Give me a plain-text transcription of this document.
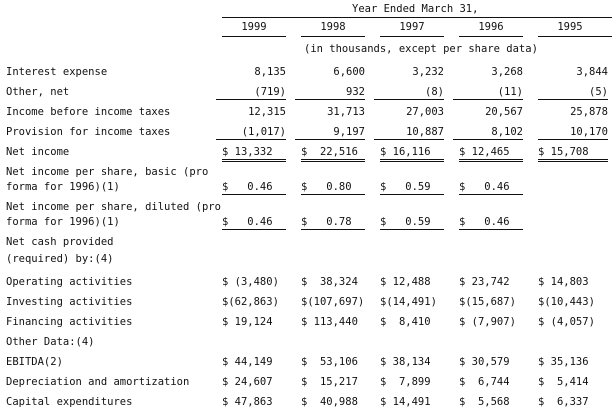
Year Ended March 31,
1999	1998	1997	1996	1995
(in thousands, except per share data)
Interest expense	8,135	6,600	3,232	3,268	3,844
Other, net	(719)	932	(8)	(11)	(5)
Income before income taxes	12,315	31,713	27,003	20,567	25,878
Provision for income taxes	(1,017)	9,197	10,887	8,102	10,170
Net income	$ 13,332	$  22,516	$ 16,116	$ 12,465	$ 15,708
Net income per share, basic (pro
forma for 1996)(1)	$   0.46	$   0.80	$   0.59	$   0.46
Net income per share, diluted (pro
forma for 1996)(1)	$   0.46	$   0.78	$   0.59	$   0.46
Net cash provided
(required) by:(4)
Operating activities	$ (3,480)	$  38,324	$ 12,488	$ 23,742	$ 14,803
Investing activities	$(62,863)	$(107,697) $(14,491)	$(15,687)	$(10,443)
Financing activities	$ 19,124	$ 113,440	$  8,410	$ (7,907)	$ (4,057)
Other Data:(4)
EBITDA(2)	$ 44,149	$  53,106	$ 38,134	$ 30,579	$ 35,136
Depreciation and amortization	$ 24,607	$  15,217	$  7,899	$  6,744	$  5,414
Capital expenditures	$ 47,863	$  40,988	$ 14,491	$  5,568	$  6,337
